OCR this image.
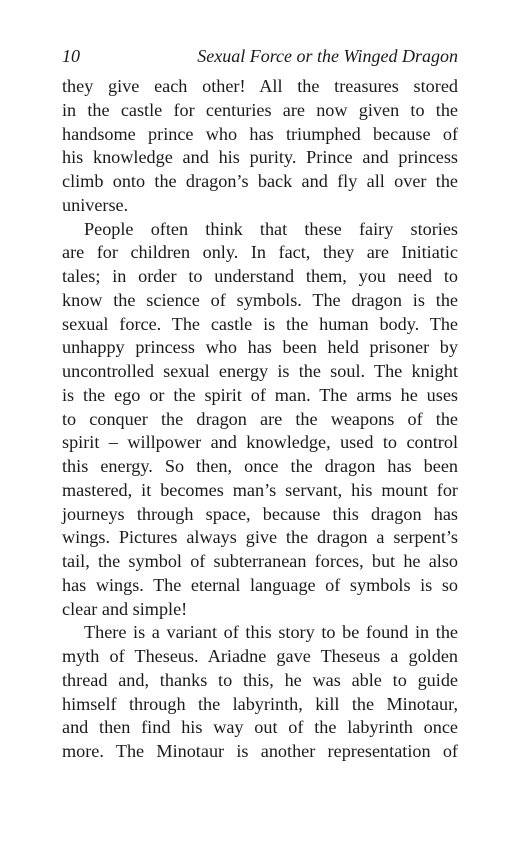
10	Sexual Force or the Winged Dragon
they give each other! All the treasures stored
in the castle for centuries are now given to the
handsome prince who has triumphed because of
his knowledge and his purity. Prince and princess
climb onto the dragon’s back and fly all over the
universe.
People often think that these fairy stories
are for children only. In fact, they are Initiatic
tales; in order to understand them, you need to
know the science of symbols. The dragon is the
sexual force. The castle is the human body. The
unhappy princess who has been held prisoner by
uncontrolled sexual energy is the soul. The knight
is the ego or the spirit of man. The arms he uses
to conquer the dragon are the weapons of the
spirit – willpower and knowledge, used to control
this energy. So then, once the dragon has been
mastered, it becomes man’s servant, his mount for
journeys through space, because this dragon has
wings. Pictures always give the dragon a serpent’s
tail, the symbol of subterranean forces, but he also
has wings. The eternal language of symbols is so
clear and simple!
There is a variant of this story to be found in the
myth of Theseus. Ariadne gave Theseus a golden
thread and, thanks to this, he was able to guide
himself through the labyrinth, kill the Minotaur,
and then find his way out of the labyrinth once
more. The Minotaur is another representation of
